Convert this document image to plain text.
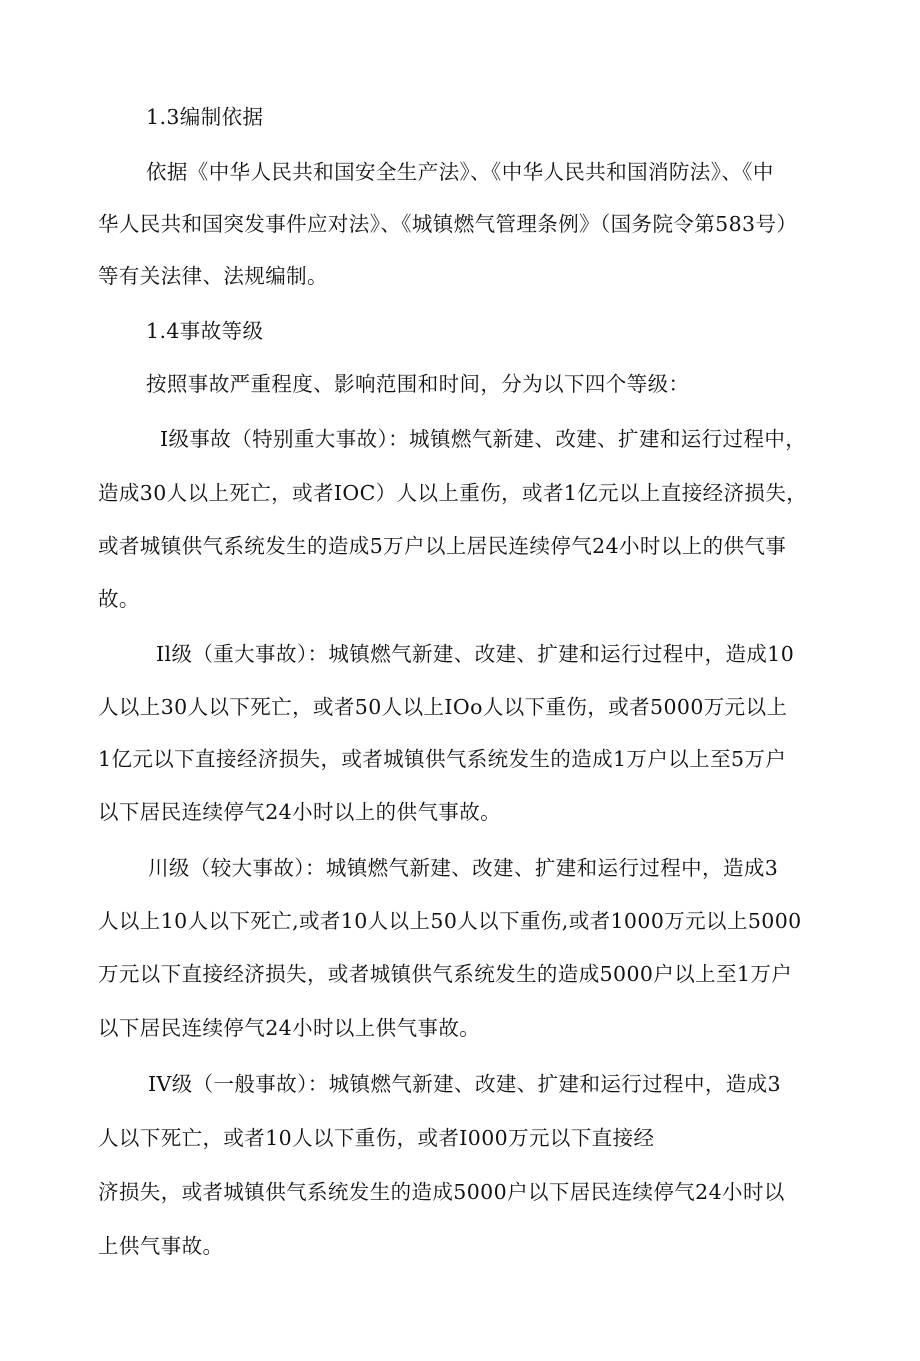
1.3编制依据
依据《中华人民共和国安全生产法》、《中华人民共和国消防法》、《中
华人民共和国突发事件应对法》、《城镇燃气管理条例》（国务院令第583号）
等有关法律、法规编制。
1.4事故等级
按照事故严重程度、影响范围和时间，分为以下四个等级：
I级事故（特别重大事故）：城镇燃气新建、改建、扩建和运行过程中，
造成30人以上死亡，或者IOC）人以上重伤，或者1亿元以上直接经济损失，
或者城镇供气系统发生的造成5万户以上居民连续停气24小时以上的供气事
故。
Il级（重大事故）：城镇燃气新建、改建、扩建和运行过程中，造成10
人以上30人以下死亡，或者50人以上IOo人以下重伤，或者5000万元以上
1亿元以下直接经济损失，或者城镇供气系统发生的造成1万户以上至5万户
以下居民连续停气24小时以上的供气事故。
川级（较大事故）：城镇燃气新建、改建、扩建和运行过程中，造成3
人以上10人以下死亡,或者10人以上50人以下重伤,或者1000万元以上5000
万元以下直接经济损失，或者城镇供气系统发生的造成5000户以上至1万户
以下居民连续停气24小时以上供气事故。
IV级（一般事故）：城镇燃气新建、改建、扩建和运行过程中，造成3
人以下死亡，或者10人以下重伤，或者I000万元以下直接经
济损失，或者城镇供气系统发生的造成5000户以下居民连续停气24小时以
上供气事故。
